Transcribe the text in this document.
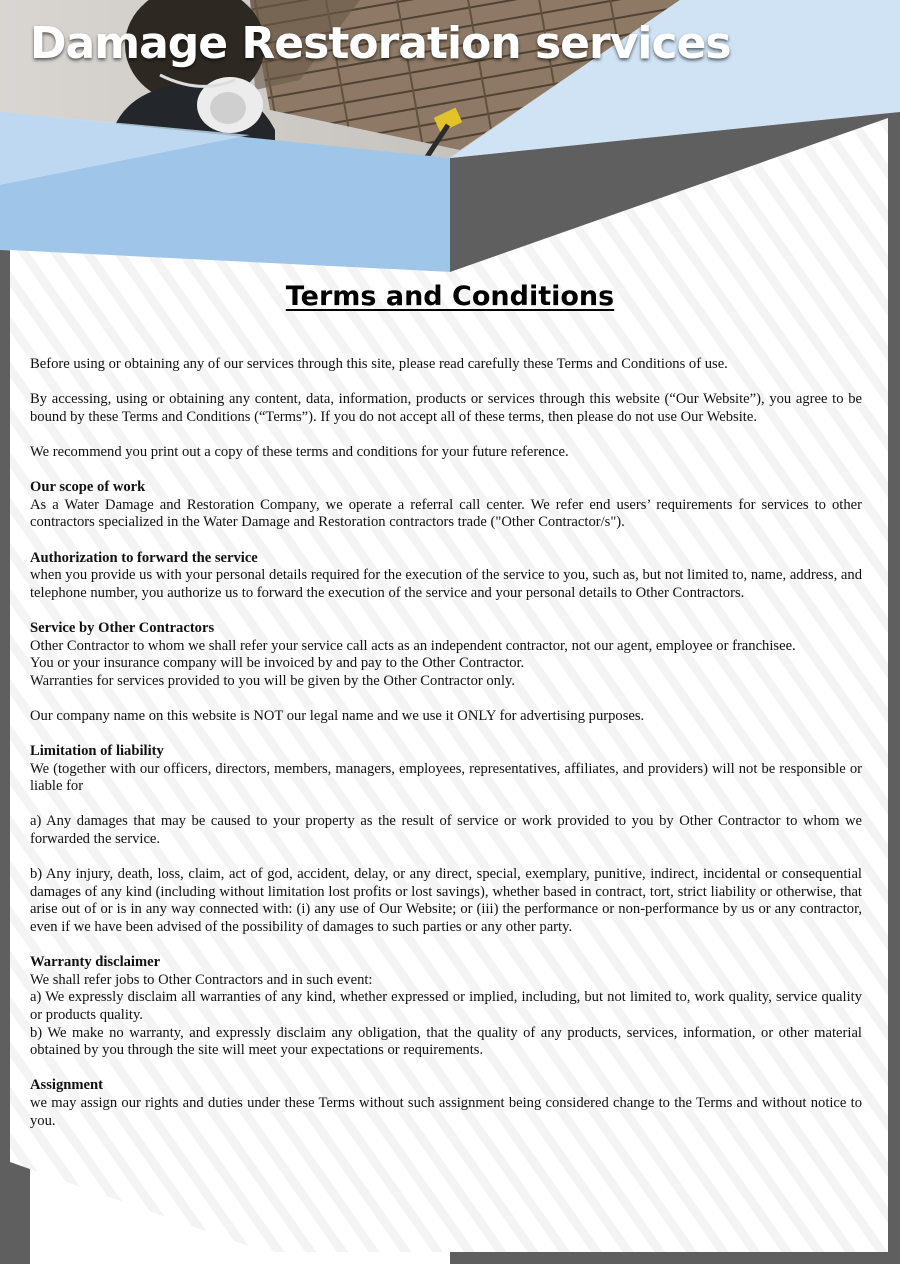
Damage Restoration services
Terms and Conditions

Before using or obtaining any of our services through this site, please read carefully these Terms and Conditions of use.

By accessing, using or obtaining any content, data, information, products or services through this website (“Our Website”), you agree to be bound by these Terms and Conditions (“Terms”). If you do not accept all of these terms, then please do not use Our Website.

We recommend you print out a copy of these terms and conditions for your future reference.

Our scope of work

As a Water Damage and Restoration Company, we operate a referral call center. We refer end users’ requirements for services to other contractors specialized in the Water Damage and Restoration contractors trade ("Other Contractor/s").

Authorization to forward the service

when you provide us with your personal details required for the execution of the service to you, such as, but not limited to, name, address, and telephone number, you authorize us to forward the execution of the service and your personal details to Other Contractors.

Service by Other Contractors

Other Contractor to whom we shall refer your service call acts as an independent contractor, not our agent, employee or franchisee.

You or your insurance company will be invoiced by and pay to the Other Contractor.

Warranties for services provided to you will be given by the Other Contractor only.

Our company name on this website is NOT our legal name and we use it ONLY for advertising purposes.

Limitation of liability

We (together with our officers, directors, members, managers, employees, representatives, affiliates, and providers) will not be responsible or liable for

a) Any damages that may be caused to your property as the result of service or work provided to you by Other Contractor to whom we forwarded the service.

b) Any injury, death, loss, claim, act of god, accident, delay, or any direct, special, exemplary, punitive, indirect, incidental or consequential damages of any kind (including without limitation lost profits or lost savings), whether based in contract, tort, strict liability or otherwise, that arise out of or is in any way connected with: (i) any use of Our Website; or (iii) the performance or non-performance by us or any contractor, even if we have been advised of the possibility of damages to such parties or any other party.

Warranty disclaimer

We shall refer jobs to Other Contractors and in such event:

a) We expressly disclaim all warranties of any kind, whether expressed or implied, including, but not limited to, work quality, service quality or products quality.

b) We make no warranty, and expressly disclaim any obligation, that the quality of any products, services, information, or other material obtained by you through the site will meet your expectations or requirements.

Assignment

we may assign our rights and duties under these Terms without such assignment being considered change to the Terms and without notice to you.
